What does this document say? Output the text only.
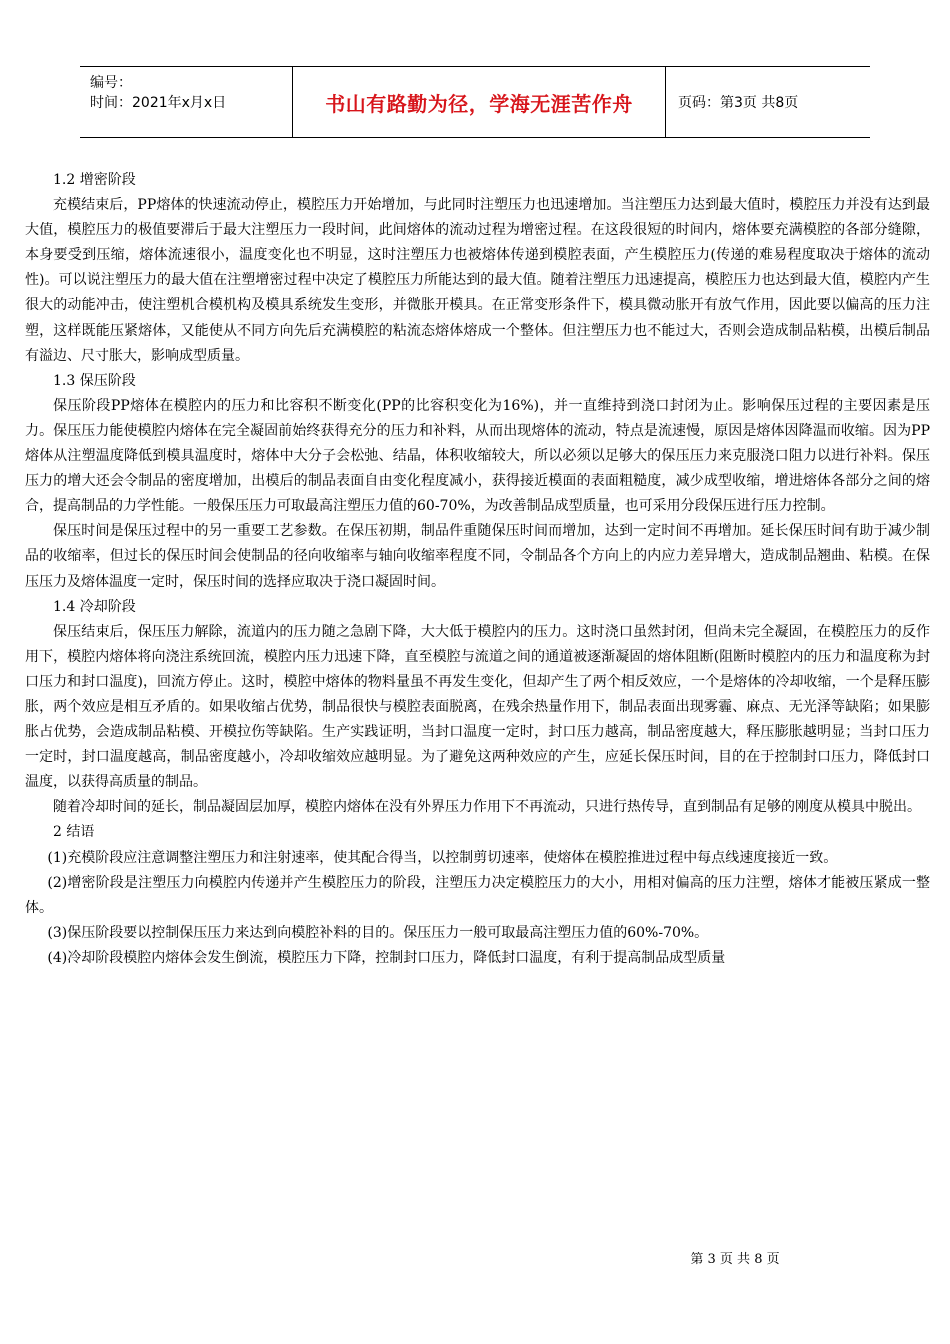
编号：
时间：2021年x月x日	书山有路勤为径，学海无涯苦作舟	页码：第3页 共8页

1.2 增密阶段

充模结束后，PP熔体的快速流动停止，模腔压力开始增加，与此同时注塑压力也迅速增加。当注塑压力达到最大值时，模腔压力并没有达到最大值，模腔压力的极值要滞后于最大注塑压力一段时间，此间熔体的流动过程为增密过程。在这段很短的时间内，熔体要充满模腔的各部分缝隙，本身要受到压缩，熔体流速很小，温度变化也不明显，这时注塑压力也被熔体传递到模腔表面，产生模腔压力(传递的难易程度取决于熔体的流动性)。可以说注塑压力的最大值在注塑增密过程中决定了模腔压力所能达到的最大值。随着注塑压力迅速提高，模腔压力也达到最大值，模腔内产生很大的动能冲击，使注塑机合模机构及模具系统发生变形，并微胀开模具。在正常变形条件下，模具微动胀开有放气作用，因此要以偏高的压力注塑，这样既能压紧熔体，又能使从不同方向先后充满模腔的粘流态熔体熔成一个整体。但注塑压力也不能过大，否则会造成制品粘模，出模后制品有溢边、尺寸胀大，影响成型质量。

1.3 保压阶段

保压阶段PP熔体在模腔内的压力和比容积不断变化(PP的比容积变化为16%)，并一直维持到浇口封闭为止。影响保压过程的主要因素是压力。保压压力能使模腔内熔体在完全凝固前始终获得充分的压力和补料，从而出现熔体的流动，特点是流速慢，原因是熔体因降温而收缩。因为PP熔体从注塑温度降低到模具温度时，熔体中大分子会松弛、结晶，体积收缩较大，所以必须以足够大的保压压力来克服浇口阻力以进行补料。保压压力的增大还会令制品的密度增加，出模后的制品表面自由变化程度减小，获得接近模面的表面粗糙度，减少成型收缩，增进熔体各部分之间的熔合，提高制品的力学性能。一般保压压力可取最高注塑压力值的60-70%，为改善制品成型质量，也可采用分段保压进行压力控制。

保压时间是保压过程中的另一重要工艺参数。在保压初期，制品件重随保压时间而增加，达到一定时间不再增加。延长保压时间有助于减少制品的收缩率，但过长的保压时间会使制品的径向收缩率与轴向收缩率程度不同，令制品各个方向上的内应力差异增大，造成制品翘曲、粘模。在保压压力及熔体温度一定时，保压时间的选择应取决于浇口凝固时间。

1.4 冷却阶段

保压结束后，保压压力解除，流道内的压力随之急剧下降，大大低于模腔内的压力。这时浇口虽然封闭，但尚未完全凝固，在模腔压力的反作用下，模腔内熔体将向浇注系统回流，模腔内压力迅速下降，直至模腔与流道之间的通道被逐渐凝固的熔体阻断(阻断时模腔内的压力和温度称为封口压力和封口温度)，回流方停止。这时，模腔中熔体的物料量虽不再发生变化，但却产生了两个相反效应，一个是熔体的冷却收缩，一个是释压膨胀，两个效应是相互矛盾的。如果收缩占优势，制品很快与模腔表面脱离，在残余热量作用下，制品表面出现雾霾、麻点、无光泽等缺陷；如果膨胀占优势，会造成制品粘模、开模拉伤等缺陷。生产实践证明，当封口温度一定时，封口压力越高，制品密度越大，释压膨胀越明显；当封口压力一定时，封口温度越高，制品密度越小，冷却收缩效应越明显。为了避免这两种效应的产生，应延长保压时间，目的在于控制封口压力，降低封口温度，以获得高质量的制品。

随着冷却时间的延长，制品凝固层加厚，模腔内熔体在没有外界压力作用下不再流动，只进行热传导，直到制品有足够的刚度从模具中脱出。

2 结语

(1)充模阶段应注意调整注塑压力和注射速率，使其配合得当，以控制剪切速率，使熔体在模腔推进过程中每点线速度接近一致。

(2)增密阶段是注塑压力向模腔内传递并产生模腔压力的阶段，注塑压力决定模腔压力的大小，用相对偏高的压力注塑，熔体才能被压紧成一整体。

(3)保压阶段要以控制保压压力来达到向模腔补料的目的。保压压力一般可取最高注塑压力值的60%-70%。

(4)冷却阶段模腔内熔体会发生倒流，模腔压力下降，控制封口压力，降低封口温度，有利于提高制品成型质量

第 3 页 共 8 页
